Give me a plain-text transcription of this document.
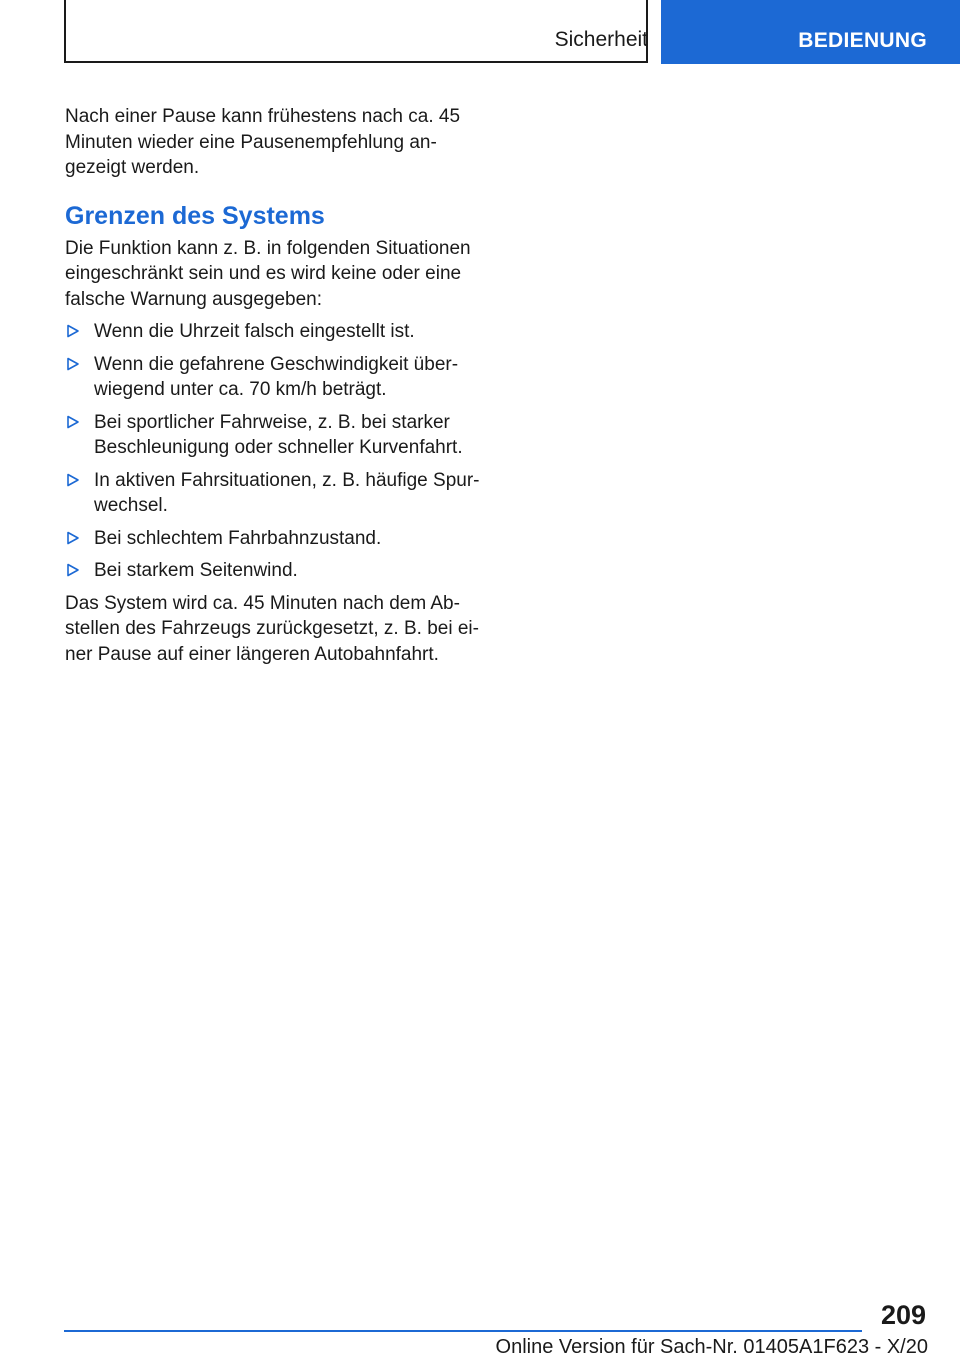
Sicherheit	BEDIENUNG

Nach einer Pause kann frühestens nach ca. 45 Minuten wieder eine Pausenempfehlung angezeigt werden.

Grenzen des Systems

Die Funktion kann z. B. in folgenden Situationen eingeschränkt sein und es wird keine oder eine falsche Warnung ausgegeben:

Wenn die Uhrzeit falsch eingestellt ist.
Wenn die gefahrene Geschwindigkeit überwiegend unter ca. 70 km/h beträgt.
Bei sportlicher Fahrweise, z. B. bei starker Beschleunigung oder schneller Kurvenfahrt.
In aktiven Fahrsituationen, z. B. häufige Spurwechsel.
Bei schlechtem Fahrbahnzustand.
Bei starkem Seitenwind.

Das System wird ca. 45 Minuten nach dem Abstellen des Fahrzeugs zurückgesetzt, z. B. bei einer Pause auf einer längeren Autobahnfahrt.

209
Online Version für Sach-Nr. 01405A1F623 - X/20
